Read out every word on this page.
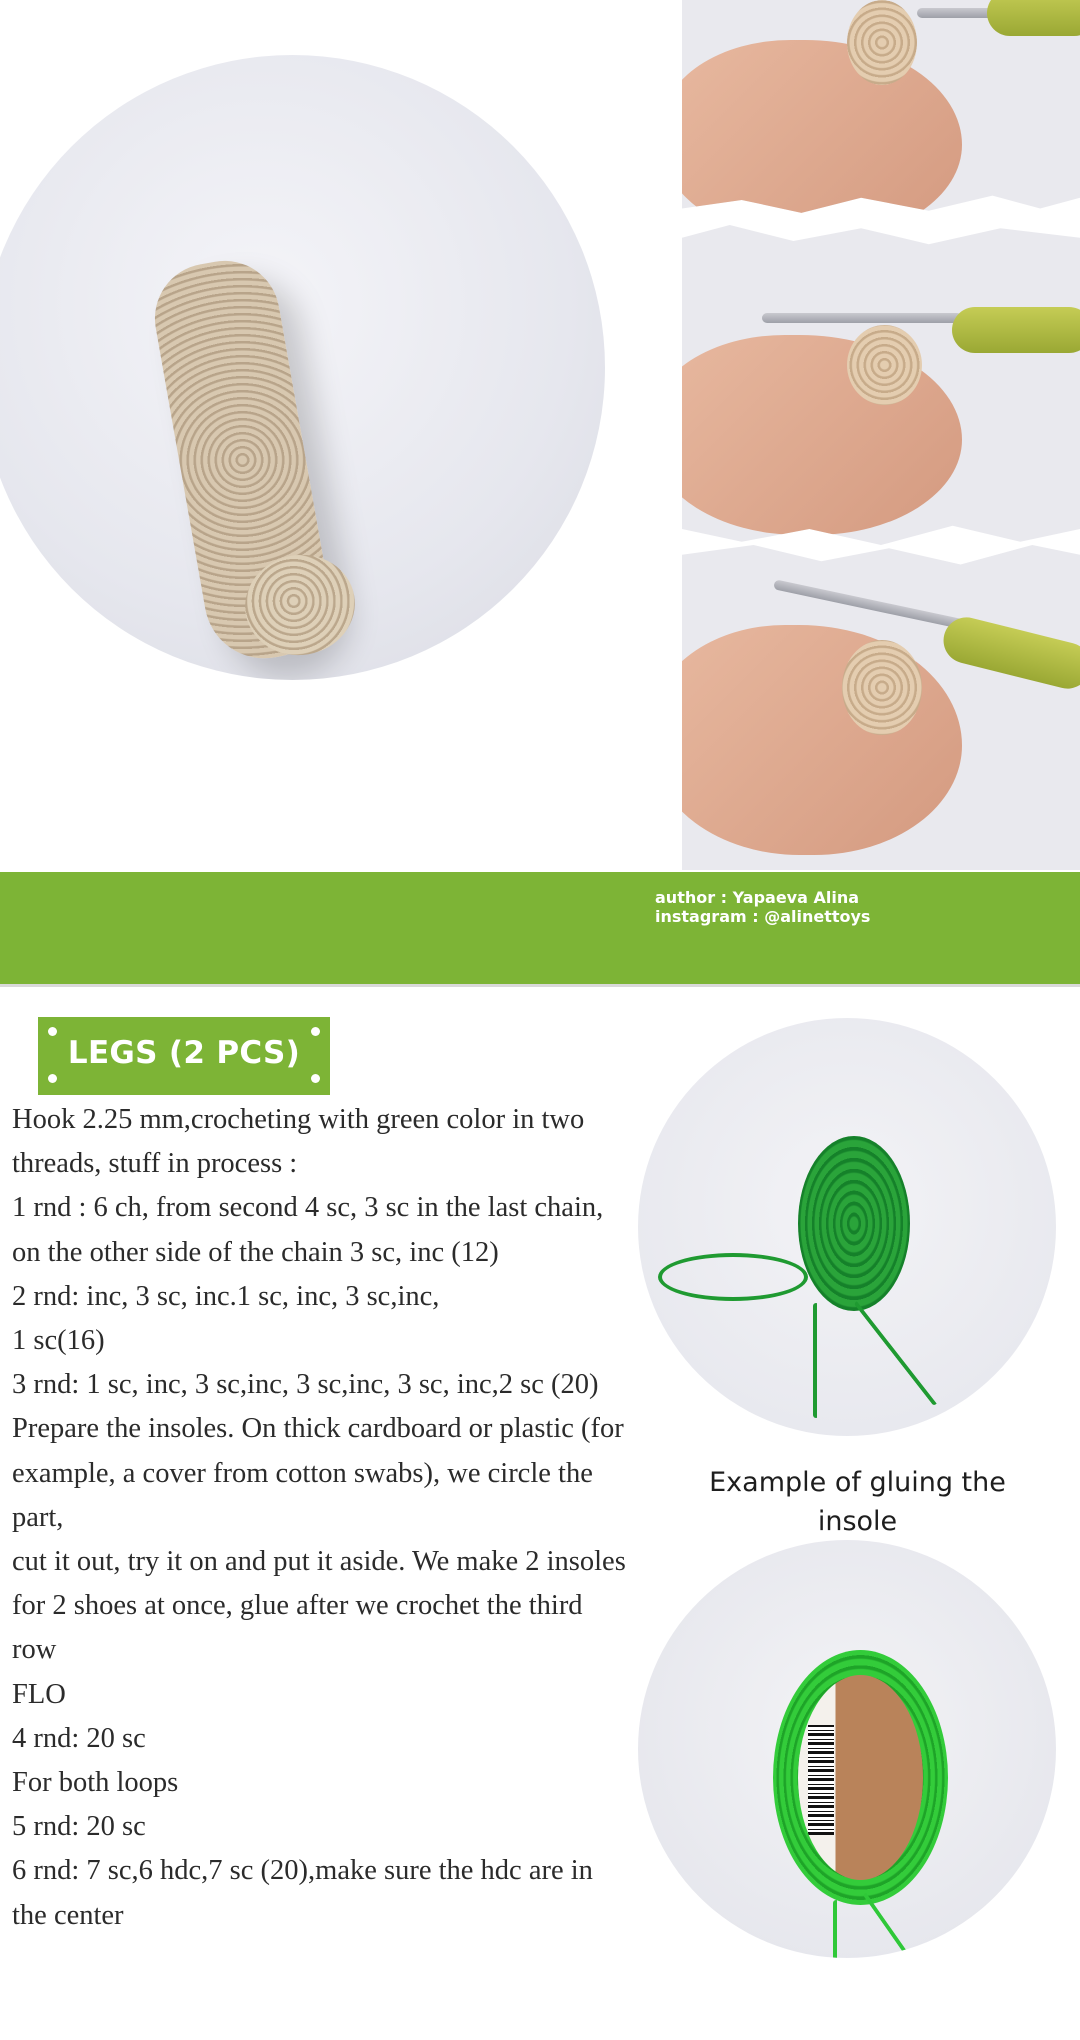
author : Yapaeva Alina
instagram : @alinettoys
LEGS (2 PCS)

Hook 2.25 mm,crocheting with green color in two threads, stuff in process :

1 rnd : 6 ch, from second 4 sc, 3 sc in the last chain, on the other side of the chain 3 sc, inc (12)

2 rnd: inc, 3 sc, inc.1 sc, inc, 3 sc,inc,
1 sc(16)

3 rnd: 1 sc, inc, 3 sc,inc, 3 sc,inc, 3 sc, inc,2 sc (20)

Prepare the insoles. On thick cardboard or plastic (for example, a cover from cotton swabs), we circle the part,

cut it out, try it on and put it aside. We make 2 insoles for 2 shoes at once, glue after we crochet the third row

FLO

4 rnd: 20 sc

For both loops

5 rnd: 20 sc

6 rnd: 7 sc,6 hdc,7 sc (20),make sure the hdc are in the center

Example of gluing the insole
